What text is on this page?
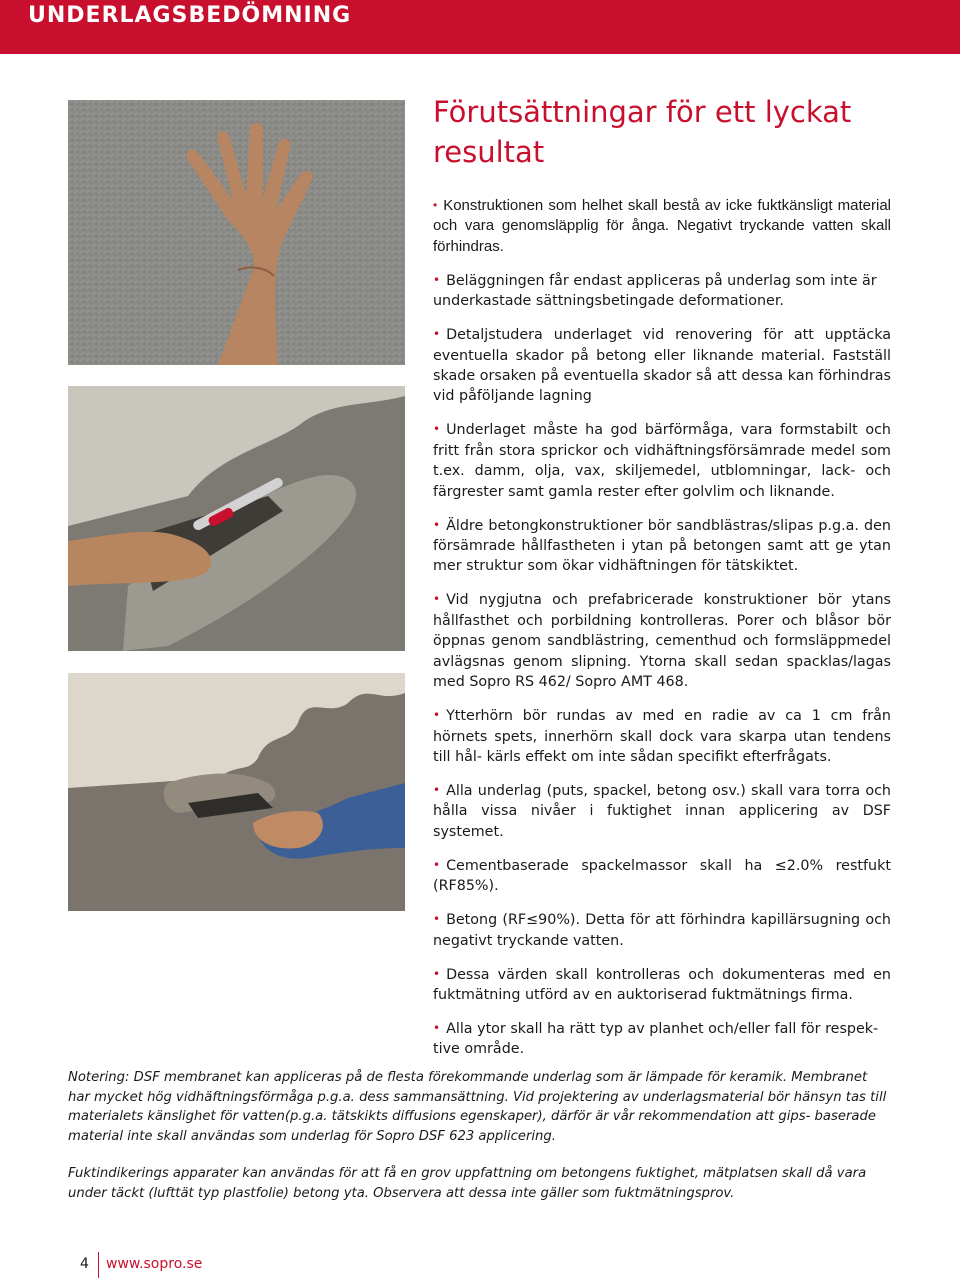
UNDERLAGSBEDÖMNING
Förutsättningar för ett lyckat resultat
• Konstruktionen som helhet skall bestå av icke fuktkänsligt material och vara genomsläpplig för ånga. Negativt tryckande vatten skall förhindras.
• Beläggningen får endast appliceras på underlag som inte är underkastade sättningsbetingade deformationer.
• Detaljstudera underlaget vid renovering för att upptäcka eventuella skador på betong eller liknande material. Fastställ skade orsaken på eventuella skador så att dessa kan förhindras vid påföljande lagning
• Underlaget måste ha god bärförmåga, vara formstabilt och fritt från stora sprickor och vidhäftningsförsämrade medel som t.ex. damm, olja, vax, skiljemedel, utblomningar, lack- och färgrester samt gamla rester efter golvlim och liknande.
• Äldre betongkonstruktioner bör sandblästras/slipas p.g.a. den försämrade hållfastheten i ytan på betongen samt att ge ytan mer struktur som ökar vidhäftningen för tätskiktet.
• Vid nygjutna och prefabricerade konstruktioner bör ytans hållfasthet och porbildning kontrolleras. Porer och blåsor bör öppnas genom sandblästring, cementhud och formsläppmedel avlägsnas genom slipning. Ytorna skall sedan spacklas/lagas med Sopro RS 462/ Sopro AMT 468.
• Ytterhörn bör rundas av med en radie av ca 1 cm från hörnets spets, innerhörn skall dock vara skarpa utan tendens till hål- kärls effekt om inte sådan specifikt efterfrågats.
• Alla underlag (puts, spackel, betong osv.) skall vara torra och hålla vissa nivåer i fuktighet innan applicering av DSF systemet.
• Cementbaserade spackelmassor skall ha ≤2.0% restfukt (RF85%).
• Betong (RF≤90%). Detta för att förhindra kapillärsugning och negativt tryckande vatten.
• Dessa värden skall kontrolleras och dokumenteras med en fuktmätning utförd av en auktoriserad fuktmätnings firma.
• Alla ytor skall ha rätt typ av planhet och/eller fall för respek- tive område.

Notering: DSF membranet kan appliceras på de flesta förekommande underlag som är lämpade för keramik. Membranet har mycket hög vidhäftningsförmåga p.g.a. dess sammansättning. Vid projektering av underlagsmaterial bör hänsyn tas till materialets känslighet för vatten(p.g.a. tätskikts diffusions egenskaper), därför är vår rekommendation att gips- baserade material inte skall användas som underlag för Sopro DSF 623 applicering.

Fuktindikerings apparater kan användas för att få en grov uppfattning om betongens fuktighet, mätplatsen skall då vara under täckt (lufttät typ plastfolie) betong yta. Observera att dessa inte gäller som fuktmätningsprov.

4 www.sopro.se
